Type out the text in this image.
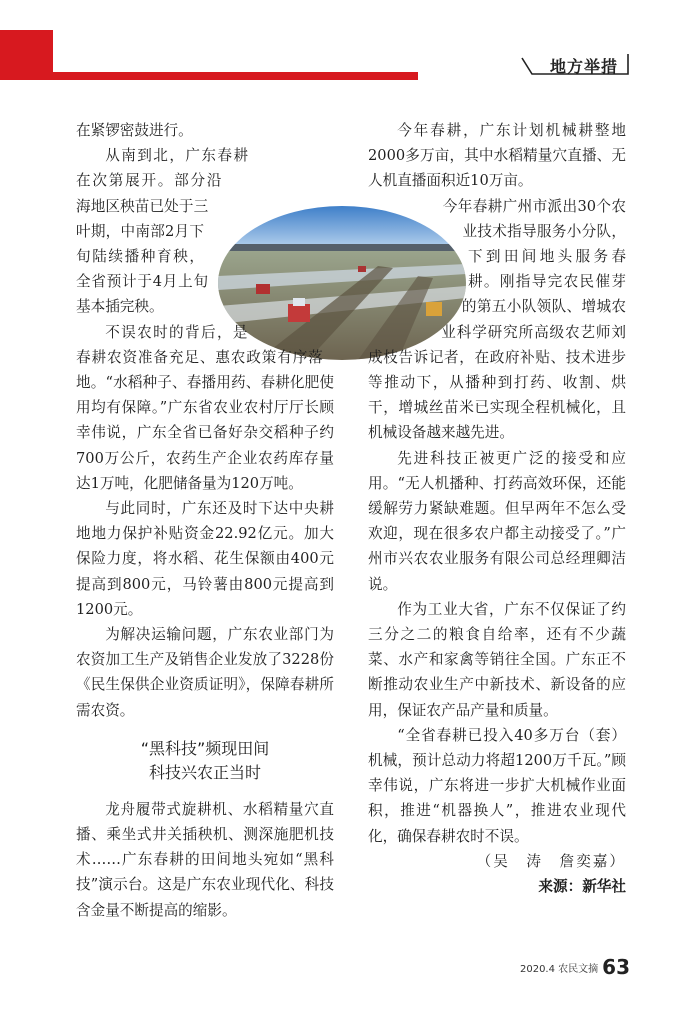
地方举措

在紧锣密鼓进行。

从南到北，广东春耕在次第展开。部分沿海地区秧苗已处于三叶期，中南部2月下旬陆续播种育秧，全省预计于4月上旬基本插完秧。

不误农时的背后，是春耕农资准备充足、惠农政策有序落地。“水稻种子、春播用药、春耕化肥使用均有保障。”广东省农业农村厅厅长顾幸伟说，广东全省已备好杂交稻种子约700万公斤，农药生产企业农药库存量达1万吨，化肥储备量为120万吨。

与此同时，广东还及时下达中央耕地地力保护补贴资金22.92亿元。加大保险力度，将水稻、花生保额由400元提高到800元，马铃薯由800元提高到1200元。

为解决运输问题，广东农业部门为农资加工生产及销售企业发放了3228份《民生保供企业资质证明》，保障春耕所需农资。

“黑科技”频现田间
科技兴农正当时

龙舟履带式旋耕机、水稻精量穴直播、乘坐式井关插秧机、测深施肥机技术……广东春耕的田间地头宛如“黑科技”演示台。这是广东农业现代化、科技含金量不断提高的缩影。

今年春耕，广东计划机械耕整地2000多万亩，其中水稻精量穴直播、无人机直播面积近10万亩。

今年春耕广州市派出30个农业技术指导服务小分队，下到田间地头服务春耕。刚指导完农民催芽的第五小队领队、增城农业科学研究所高级农艺师刘成枝告诉记者，在政府补贴、技术进步等推动下，从播种到打药、收割、烘干，增城丝苗米已实现全程机械化，且机械设备越来越先进。

先进科技正被更广泛的接受和应用。“无人机播种、打药高效环保，还能缓解劳力紧缺难题。但早两年不怎么受欢迎，现在很多农户都主动接受了。”广州市兴农农业服务有限公司总经理卿洁说。

作为工业大省，广东不仅保证了约三分之二的粮食自给率，还有不少蔬菜、水产和家禽等销往全国。广东正不断推动农业生产中新技术、新设备的应用，保证农产品产量和质量。

“全省春耕已投入40多万台（套）机械，预计总动力将超1200万千瓦。”顾幸伟说，广东将进一步扩大机械作业面积，推进“机器换人”，推进农业现代化，确保春耕农时不误。

（吴　涛　詹奕嘉）

来源：新华社

2020.4 农民文摘 63
